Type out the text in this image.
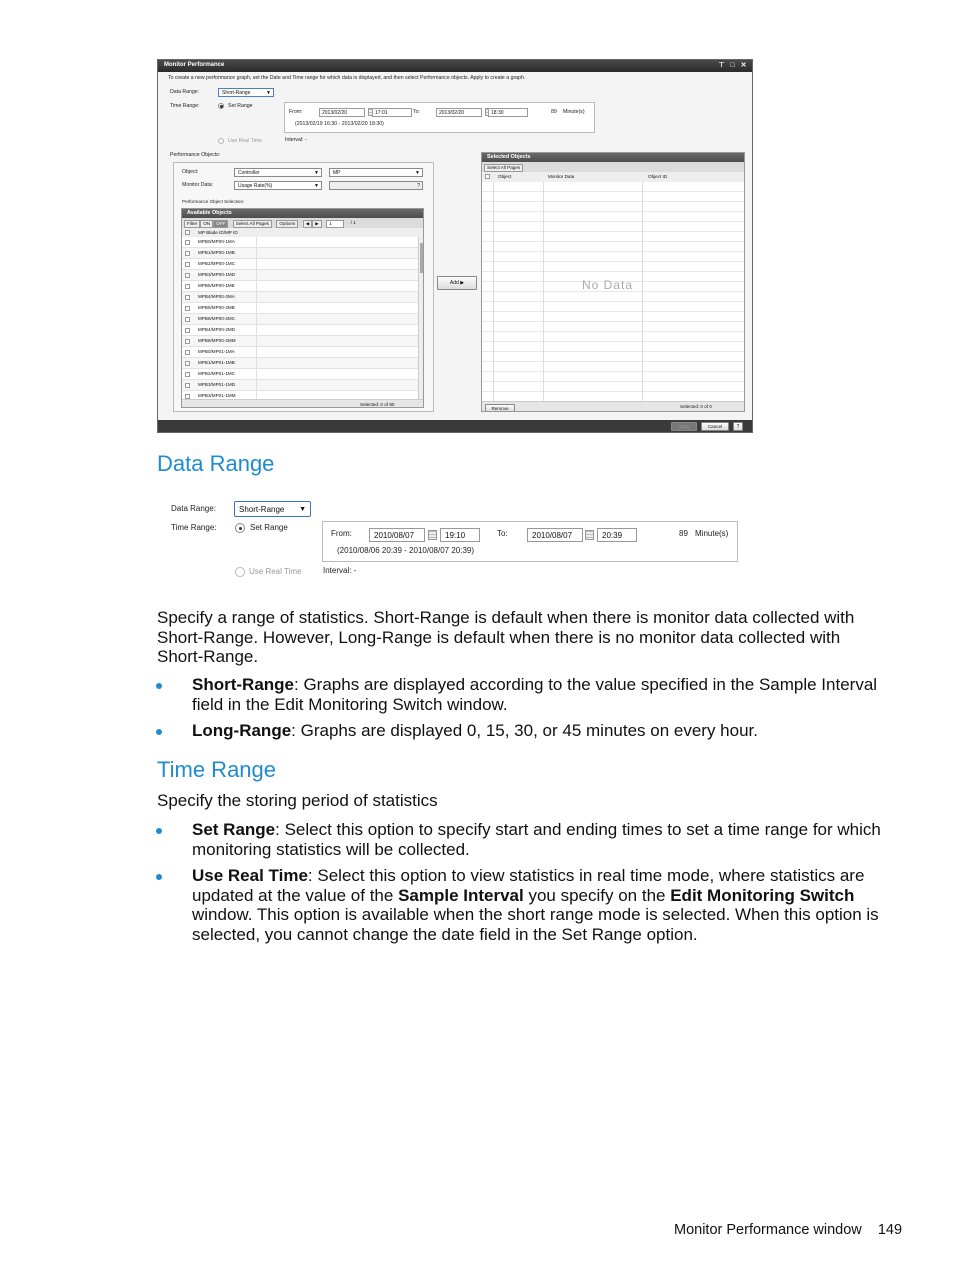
Monitor Performance	⊤ □ ✕
To create a new performance graph, set the Date and Time range for which data is displayed, and then select Performance objects. Apply to create a graph.
Data Range:	Short-Range	▼
Time Range:	Set Range
From:	2013/02/20	17:01	To:	2013/02/20	18:30	89 Minute(s)
(2013/02/19 16:30 - 2013/02/20 18:30)
Use Real Time	Interval: -
Performance Objects:
Object:	Controller	▼	MP	▼
Monitor Data:	Usage Rate(%)	▼	?
Performance Object Selection:
Available Objects
Filter ON OFF Select All Pages Options ◀ ▶ 1	/ 1
MP Blade ID/MP ID
MPB0/MP00-1MA
MPB1/MP00-1MB
MPB2/MP00-1MC
MPB3/MP00-1MD
MPB5/MP00-1ME
MPB4/MP00-2MA
MPB5/MP00-2MB
MPB6/MP00-2MC
MPB4/MP00-2MD
MPB8/MP00-2MM
MPB0/MP01-1MA
MPB1/MP01-1MB
MPB2/MP01-1MC
MPB3/MP01-1MD
MPB3/MP01-1MM
Selected: 0 of 80
Add ▶
Selected Objects
Select All Pages
Object	Monitor Data	Object ID
No Data
Remove	Selected: 0 of 0
Apply	Cancel	?
Data Range
Data Range:	Short-Range ▼
Time Range:	Set Range
From:	2010/08/07	19:10	To:	2010/08/07	20:39	89 Minute(s)
(2010/08/06 20:39 - 2010/08/07 20:39)
Use Real Time	Interval: -
Specify a range of statistics. Short-Range is default when there is monitor data collected with Short-Range. However, Long-Range is default when there is no monitor data collected with Short-Range.
Short-Range: Graphs are displayed according to the value specified in the Sample Interval field in the Edit Monitoring Switch window.
Long-Range: Graphs are displayed 0, 15, 30, or 45 minutes on every hour.
Time Range
Specify the storing period of statistics
Set Range: Select this option to specify start and ending times to set a time range for which monitoring statistics will be collected.
Use Real Time: Select this option to view statistics in real time mode, where statistics are updated at the value of the Sample Interval you specify on the Edit Monitoring Switch window. This option is available when the short range mode is selected. When this option is selected, you cannot change the date field in the Set Range option.
Monitor Performance window 149
